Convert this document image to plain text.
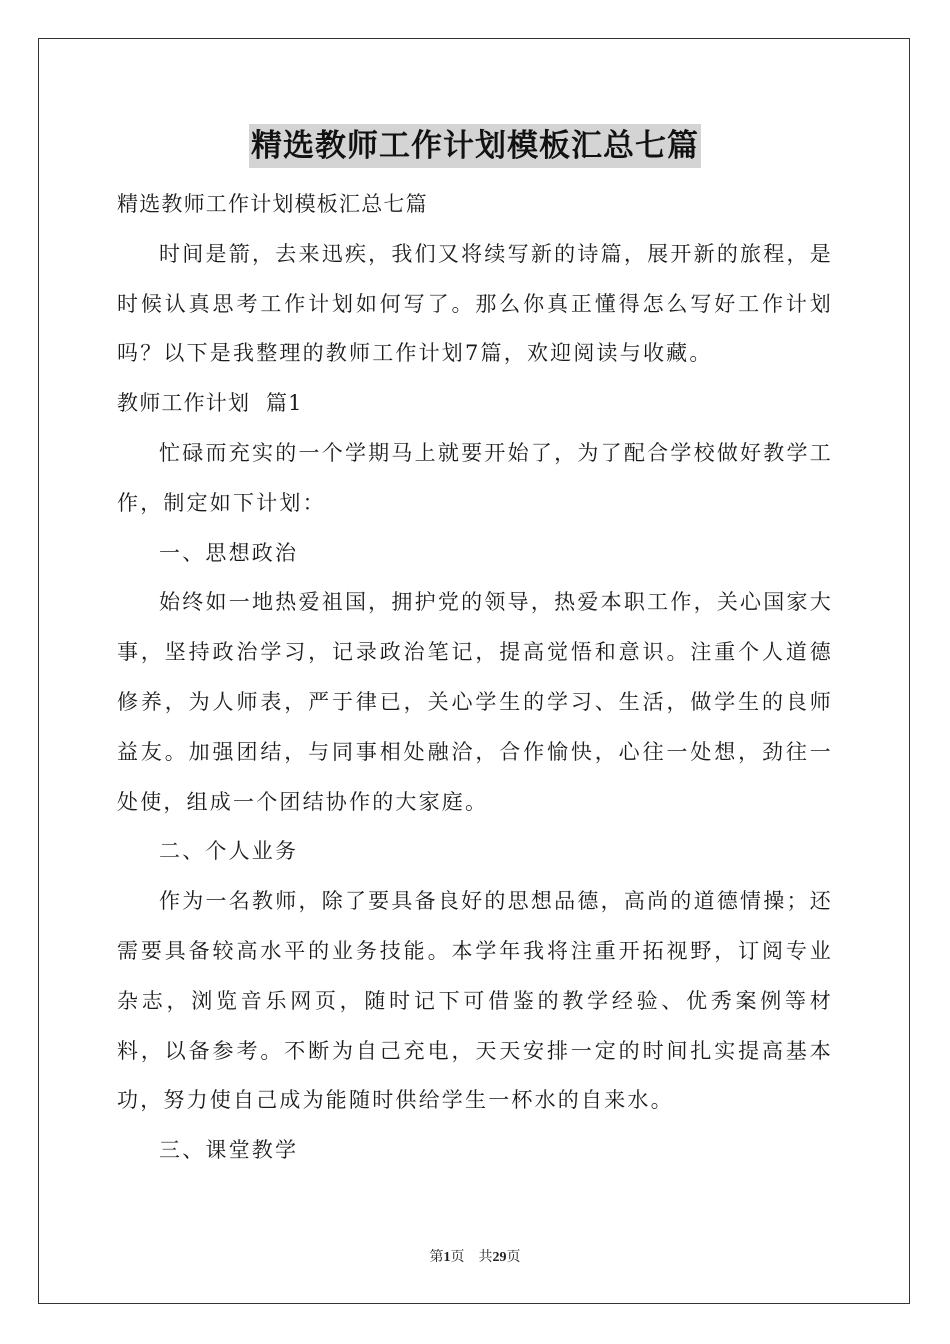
精选教师工作计划模板汇总七篇

精选教师工作计划模板汇总七篇

时间是箭，去来迅疾，我们又将续写新的诗篇，展开新的旅程，是时候认真思考工作计划如何写了。那么你真正懂得怎么写好工作计划吗？以下是我整理的教师工作计划7篇，欢迎阅读与收藏。

教师工作计划  篇1

忙碌而充实的一个学期马上就要开始了，为了配合学校做好教学工作，制定如下计划：

一、思想政治

始终如一地热爱祖国，拥护党的领导，热爱本职工作，关心国家大事，坚持政治学习，记录政治笔记，提高觉悟和意识。注重个人道德修养，为人师表，严于律已，关心学生的学习、生活，做学生的良师益友。加强团结，与同事相处融洽，合作愉快，心往一处想，劲往一处使，组成一个团结协作的大家庭。

二、个人业务

作为一名教师，除了要具备良好的思想品德，高尚的道德情操；还需要具备较高水平的业务技能。本学年我将注重开拓视野，订阅专业杂志，浏览音乐网页，随时记下可借鉴的教学经验、优秀案例等材料，以备参考。不断为自己充电，天天安排一定的时间扎实提高基本功，努力使自己成为能随时供给学生一杯水的自来水。

三、课堂教学

第1页 共29页
